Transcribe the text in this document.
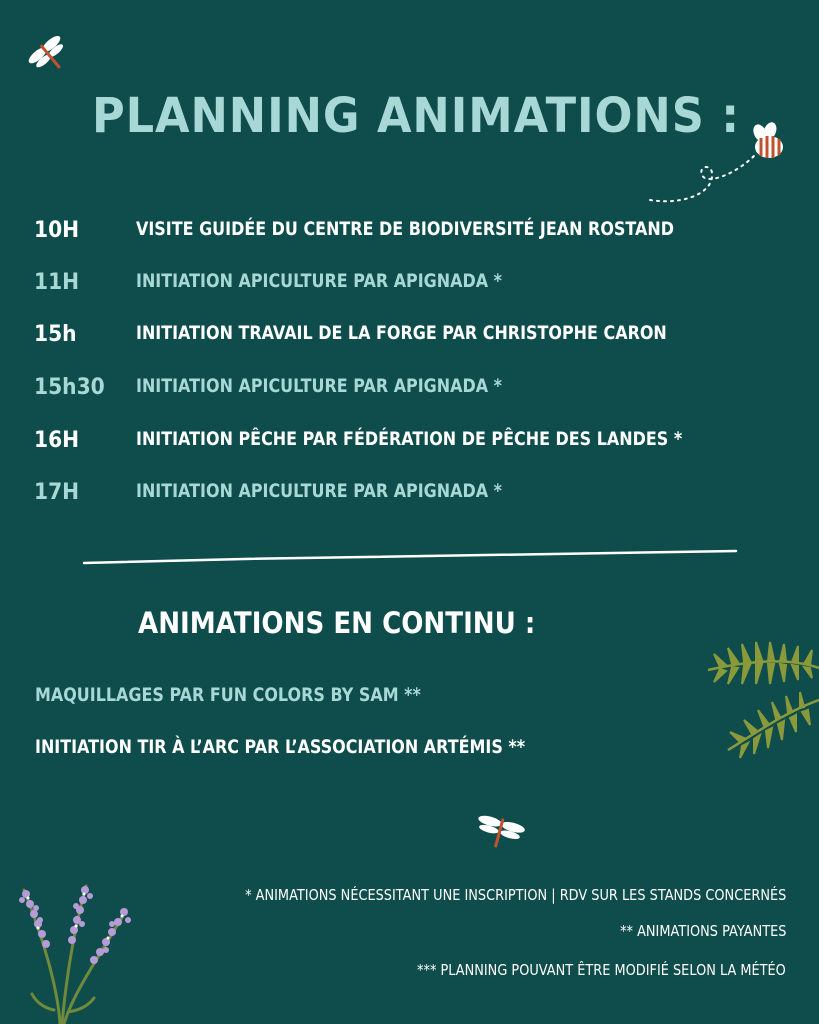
PLANNING ANIMATIONS :
10H	VISITE GUIDÉE DU CENTRE DE BIODIVERSITÉ JEAN ROSTAND
11H	INITIATION APICULTURE PAR APIGNADA *
15h	INITIATION TRAVAIL DE LA FORGE PAR CHRISTOPHE CARON
15h30 INITIATION APICULTURE PAR APIGNADA *
16H	INITIATION PÊCHE PAR FÉDÉRATION DE PÊCHE DES LANDES *
17H	INITIATION APICULTURE PAR APIGNADA *
ANIMATIONS EN CONTINU :
MAQUILLAGES PAR FUN COLORS BY SAM **
INITIATION TIR À L’ARC PAR L’ASSOCIATION ARTÉMIS **
* ANIMATIONS NÉCESSITANT UNE INSCRIPTION | RDV SUR LES STANDS CONCERNÉS
** ANIMATIONS PAYANTES
*** PLANNING POUVANT ÊTRE MODIFIÉ SELON LA MÉTÉO
